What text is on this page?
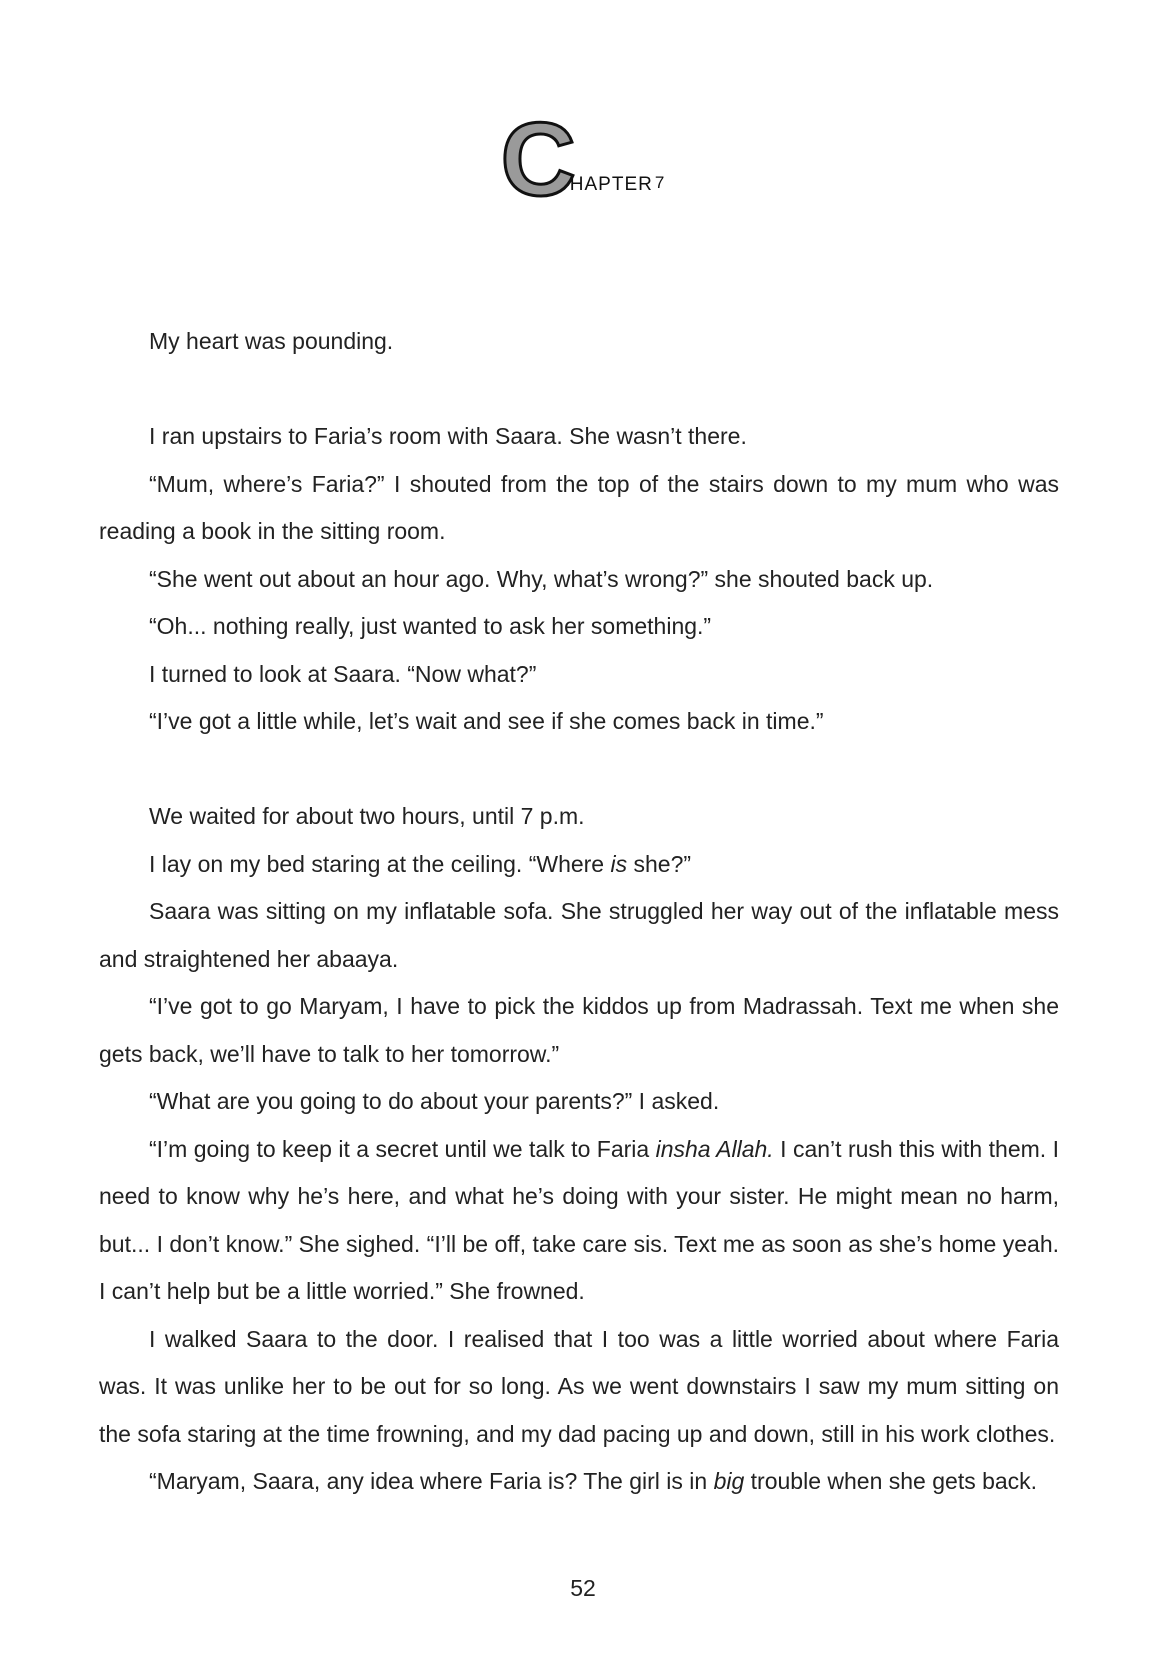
CHAPTER 7

My heart was pounding.

I ran upstairs to Faria’s room with Saara. She wasn’t there.

“Mum, where’s Faria?” I shouted from the top of the stairs down to my mum who was reading a book in the sitting room.

“She went out about an hour ago. Why, what’s wrong?” she shouted back up.

“Oh... nothing really, just wanted to ask her something.”

I turned to look at Saara. “Now what?”

“I’ve got a little while, let’s wait and see if she comes back in time.”

We waited for about two hours, until 7 p.m.

I lay on my bed staring at the ceiling. “Where is she?”

Saara was sitting on my inflatable sofa. She struggled her way out of the inflatable mess and straightened her abaaya.

“I’ve got to go Maryam, I have to pick the kiddos up from Madrassah. Text me when she gets back, we’ll have to talk to her tomorrow.”

“What are you going to do about your parents?” I asked.

“I’m going to keep it a secret until we talk to Faria insha Allah. I can’t rush this with them. I need to know why he’s here, and what he’s doing with your sister. He might mean no harm, but... I don’t know.” She sighed. “I’ll be off, take care sis. Text me as soon as she’s home yeah. I can’t help but be a little worried.” She frowned.

I walked Saara to the door. I realised that I too was a little worried about where Faria was. It was unlike her to be out for so long. As we went downstairs I saw my mum sitting on the sofa staring at the time frowning, and my dad pacing up and down, still in his work clothes.

“Maryam, Saara, any idea where Faria is? The girl is in big trouble when she gets back.

52
